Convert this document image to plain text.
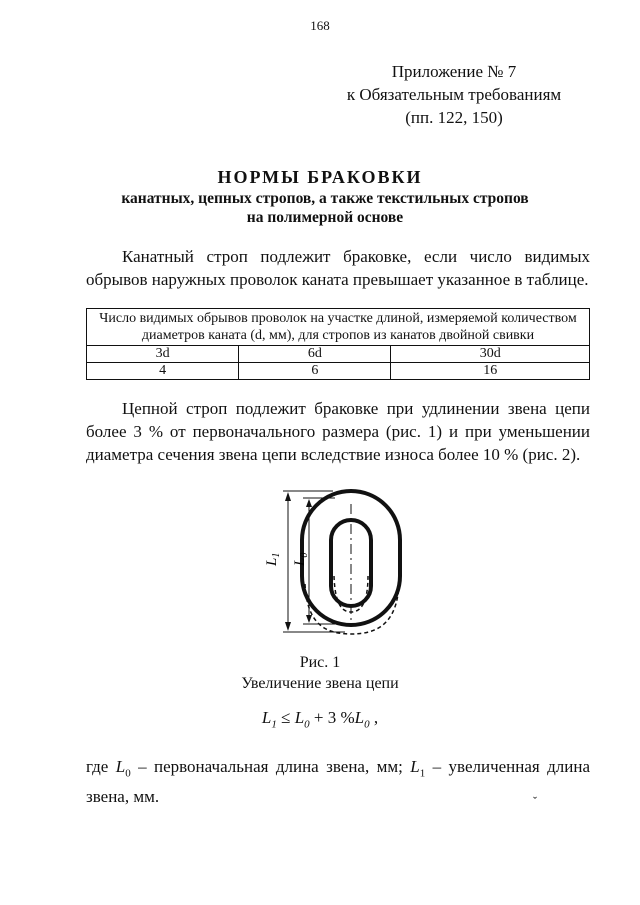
168
Приложение № 7
к Обязательным требованиям
(пп. 122, 150)
НОРМЫ БРАКОВКИ
канатных, цепных стропов, а также текстильных стропов
на полимерной основе
Канатный строп подлежит браковке, если число видимых обрывов наружных проволок каната превышает указанное в таблице.
Число видимых обрывов проволок на участке длиной, измеряемой количеством диаметров каната (d, мм), для стропов из канатов двойной свивки		
3d	6d	30d
4	6	16
Цепной строп подлежит браковке при удлинении звена цепи более 3 % от первоначального размера (рис. 1) и при уменьшении диаметра сечения звена цепи вследствие износа более 10 % (рис. 2).
$L_1$
$L_0$
Рис. 1
Увеличение звена цепи
$L_1 \le L_0 + 3$ $\%L_0$ ,
где $L_0$ – первоначальная длина звена, мм; $L_1$ – увеличенная длина звена, мм.	ˇ
